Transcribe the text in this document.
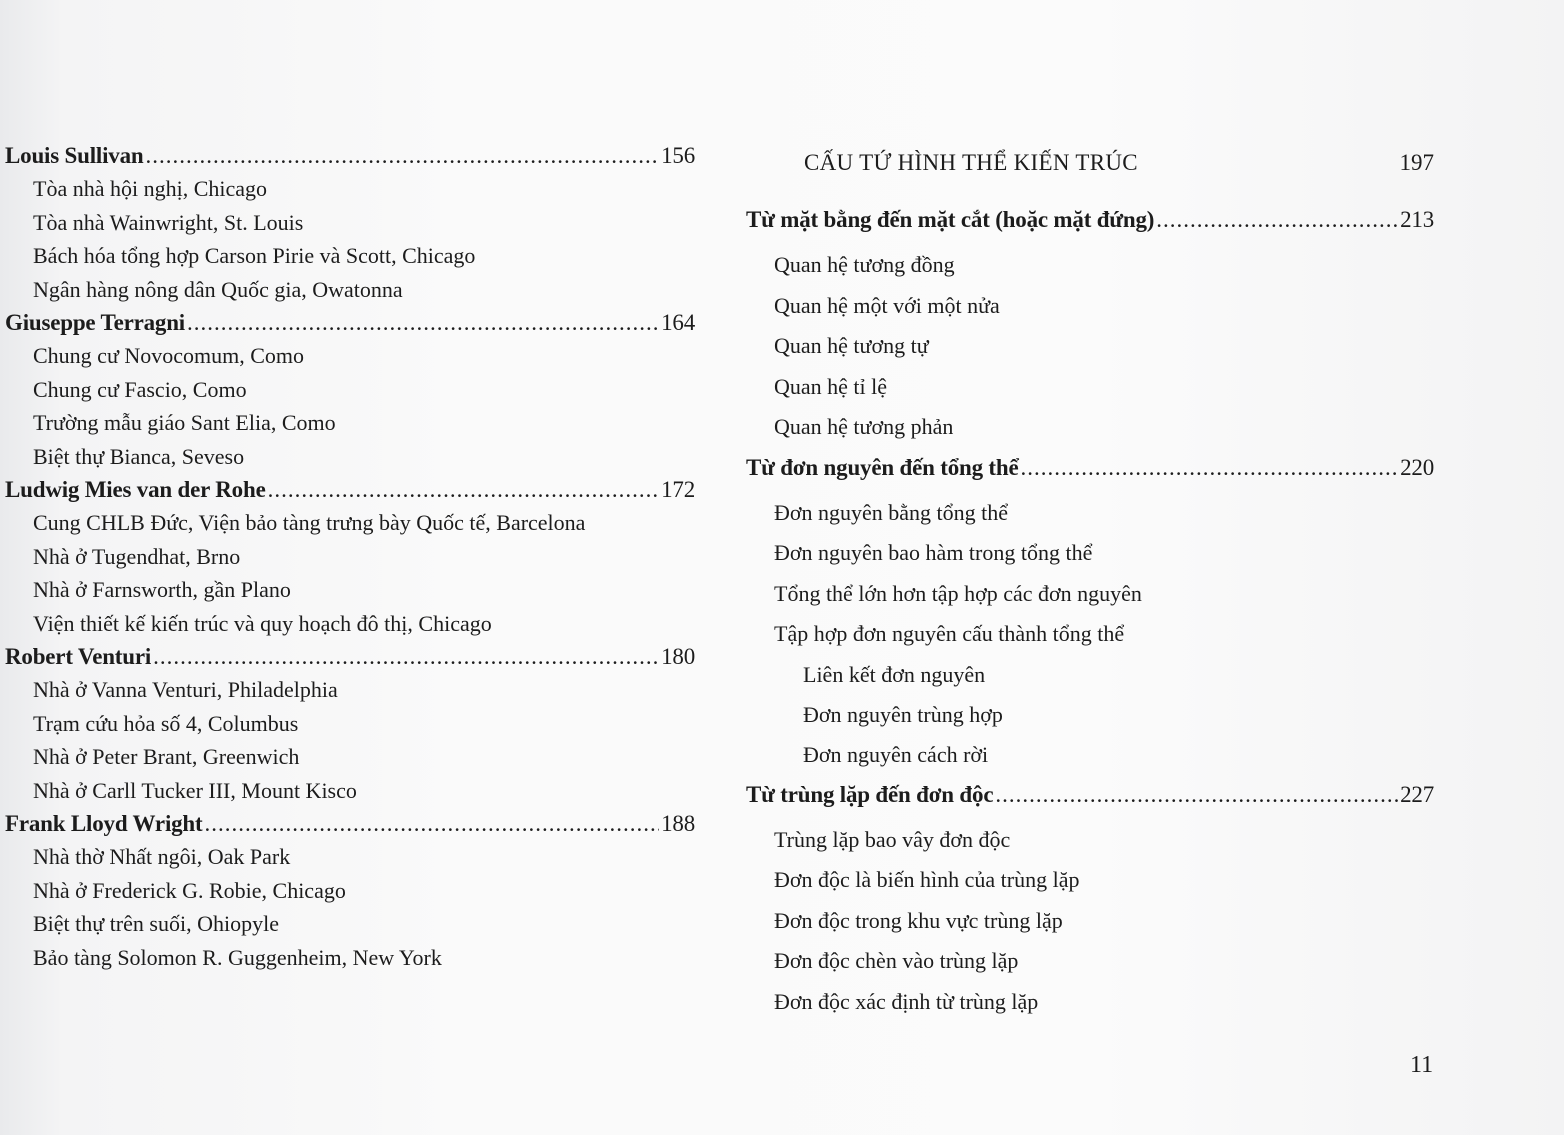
Louis Sullivan .....	156
Tòa nhà hội nghị, Chicago
Tòa nhà Wainwright, St. Louis
Bách hóa tổng hợp Carson Pirie và Scott, Chicago
Ngân hàng nông dân Quốc gia, Owatonna
Giuseppe Terragni .....	164
Chung cư Novocomum, Como
Chung cư Fascio, Como
Trường mẫu giáo Sant Elia, Como
Biệt thự Bianca, Seveso
Ludwig Mies van der Rohe .....	172
Cung CHLB Đức, Viện bảo tàng trưng bày Quốc tế, Barcelona
Nhà ở Tugendhat, Brno
Nhà ở Farnsworth, gần Plano
Viện thiết kế kiến trúc và quy hoạch đô thị, Chicago
Robert Venturi .....	180
Nhà ở Vanna Venturi, Philadelphia
Trạm cứu hỏa số 4, Columbus
Nhà ở Peter Brant, Greenwich
Nhà ở Carll Tucker III, Mount Kisco
Frank Lloyd Wright .....	188
Nhà thờ Nhất ngôi, Oak Park
Nhà ở Frederick G. Robie, Chicago
Biệt thự trên suối, Ohiopyle
Bảo tàng Solomon R. Guggenheim, New York
CẤU TỨ HÌNH THỂ KIẾN TRÚC	197
Từ mặt bằng đến mặt cắt (hoặc mặt đứng) .....	213
Quan hệ tương đồng
Quan hệ một với một nửa
Quan hệ tương tự
Quan hệ tỉ lệ
Quan hệ tương phản
Từ đơn nguyên đến tổng thể .....	220
Đơn nguyên bằng tổng thể
Đơn nguyên bao hàm trong tổng thể
Tổng thể lớn hơn tập hợp các đơn nguyên
Tập hợp đơn nguyên cấu thành tổng thể
Liên kết đơn nguyên
Đơn nguyên trùng hợp
Đơn nguyên cách rời
Từ trùng lặp đến đơn độc .....	227
Trùng lặp bao vây đơn độc
Đơn độc là biến hình của trùng lặp
Đơn độc trong khu vực trùng lặp
Đơn độc chèn vào trùng lặp
Đơn độc xác định từ trùng lặp
11
